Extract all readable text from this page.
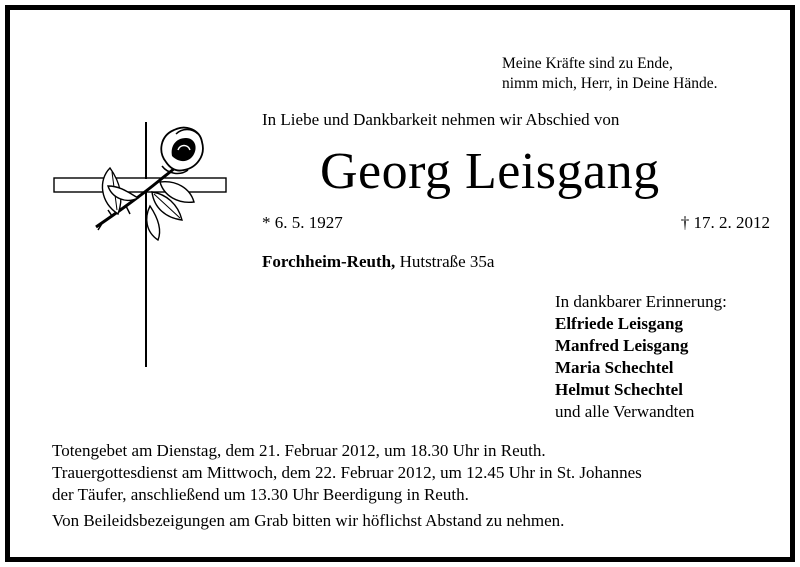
Meine Kräfte sind zu Ende,
nimm mich, Herr, in Deine Hände.
In Liebe und Dankbarkeit nehmen wir Abschied von
Georg Leisgang
* 6. 5. 1927	† 17. 2. 2012
Forchheim-Reuth, Hutstraße 35a
In dankbarer Erinnerung:
Elfriede Leisgang
Manfred Leisgang
Maria Schechtel
Helmut Schechtel
und alle Verwandten
Totengebet am Dienstag, dem 21. Februar 2012, um 18.30 Uhr in Reuth.
Trauergottesdienst am Mittwoch, dem 22. Februar 2012, um 12.45 Uhr in St. Johannes
der Täufer, anschließend um 13.30 Uhr Beerdigung in Reuth.
Von Beileidsbezeigungen am Grab bitten wir höflichst Abstand zu nehmen.
